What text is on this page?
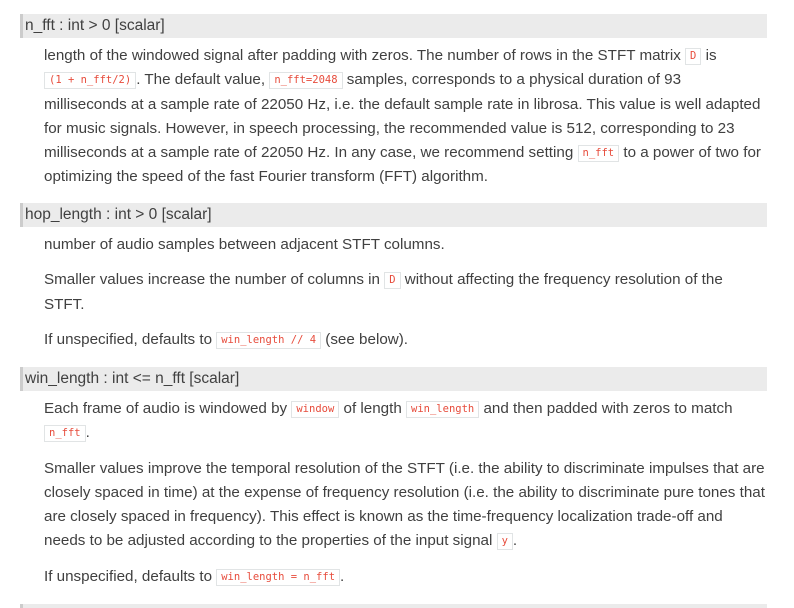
n_fft : int > 0 [scalar]

length of the windowed signal after padding with zeros. The number of rows in the STFT matrix D is (1 + n_fft/2) . The default value, n_fft=2048 samples, corresponds to a physical duration of 93 milliseconds at a sample rate of 22050 Hz, i.e. the default sample rate in librosa. This value is well adapted for music signals. However, in speech processing, the recommended value is 512, corresponding to 23 milliseconds at a sample rate of 22050 Hz. In any case, we recommend setting n_fft to a power of two for optimizing the speed of the fast Fourier transform (FFT) algorithm.

hop_length : int > 0 [scalar]

number of audio samples between adjacent STFT columns.

Smaller values increase the number of columns in D without affecting the frequency resolution of the STFT.

If unspecified, defaults to win_length // 4 (see below).

win_length : int <= n_fft [scalar]

Each frame of audio is windowed by window of length win_length and then padded with zeros to match n_fft .

Smaller values improve the temporal resolution of the STFT (i.e. the ability to discriminate impulses that are closely spaced in time) at the expense of frequency resolution (i.e. the ability to discriminate pure tones that are closely spaced in frequency). This effect is known as the time-frequency localization trade-off and needs to be adjusted according to the properties of the input signal y .

If unspecified, defaults to win_length = n_fft .
